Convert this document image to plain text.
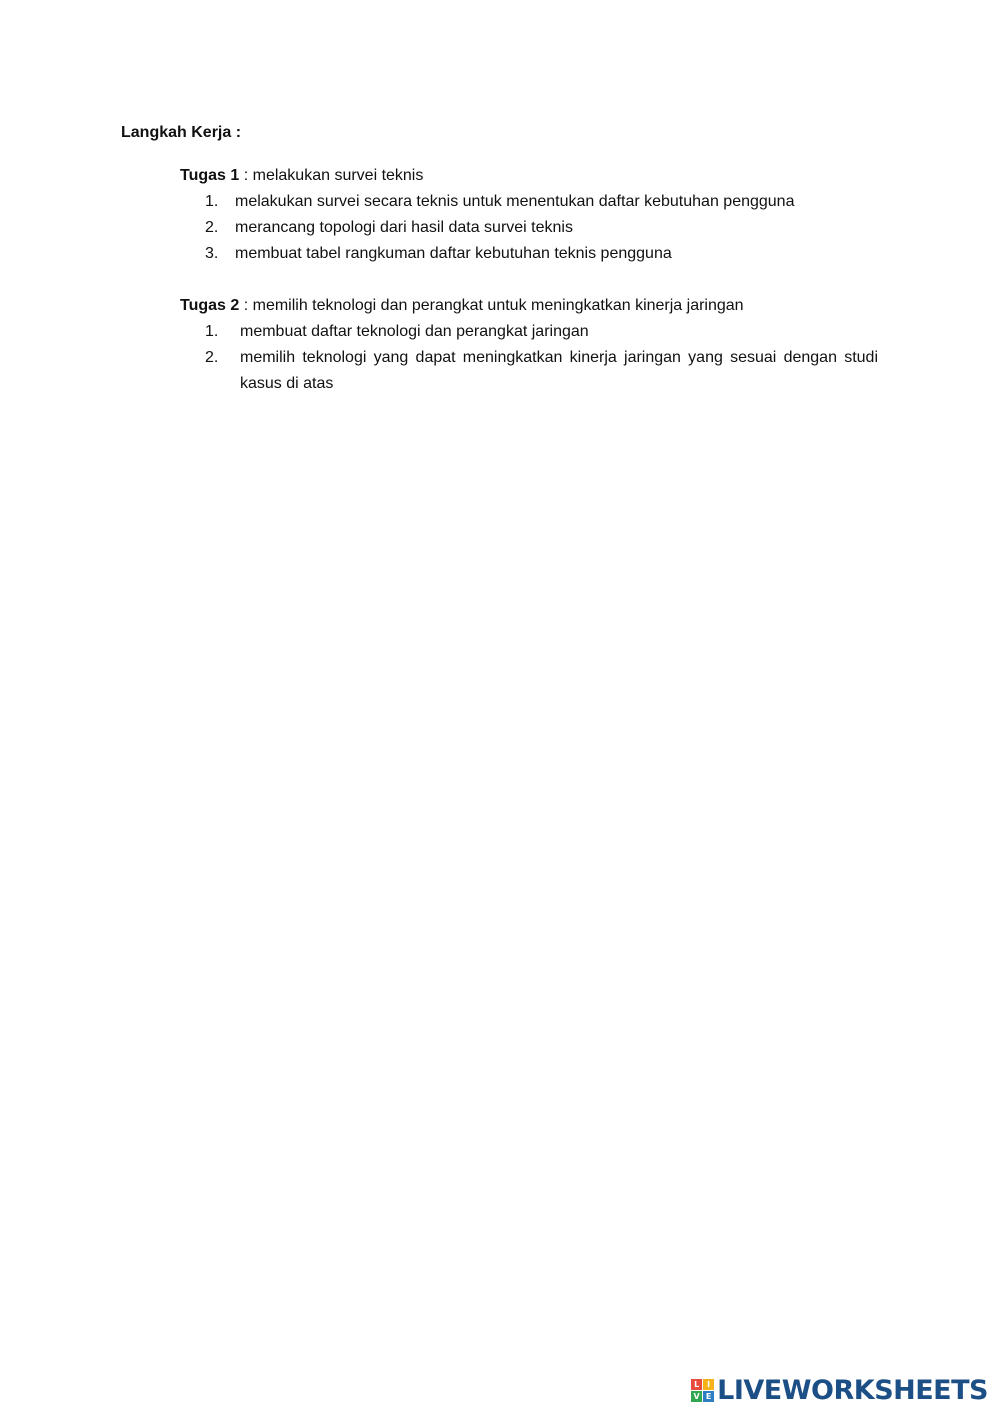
Langkah Kerja :
Tugas 1 : melakukan survei teknis
1. melakukan survei secara teknis untuk menentukan daftar kebutuhan pengguna
2. merancang topologi dari hasil data survei teknis
3. membuat tabel rangkuman daftar kebutuhan teknis pengguna
Tugas 2 : memilih teknologi dan perangkat untuk meningkatkan kinerja jaringan
1. membuat daftar teknologi dan perangkat jaringan
2. memilih teknologi yang dapat meningkatkan kinerja jaringan yang sesuai dengan studi kasus di atas
L I
V E LIVEWORKSHEETS
